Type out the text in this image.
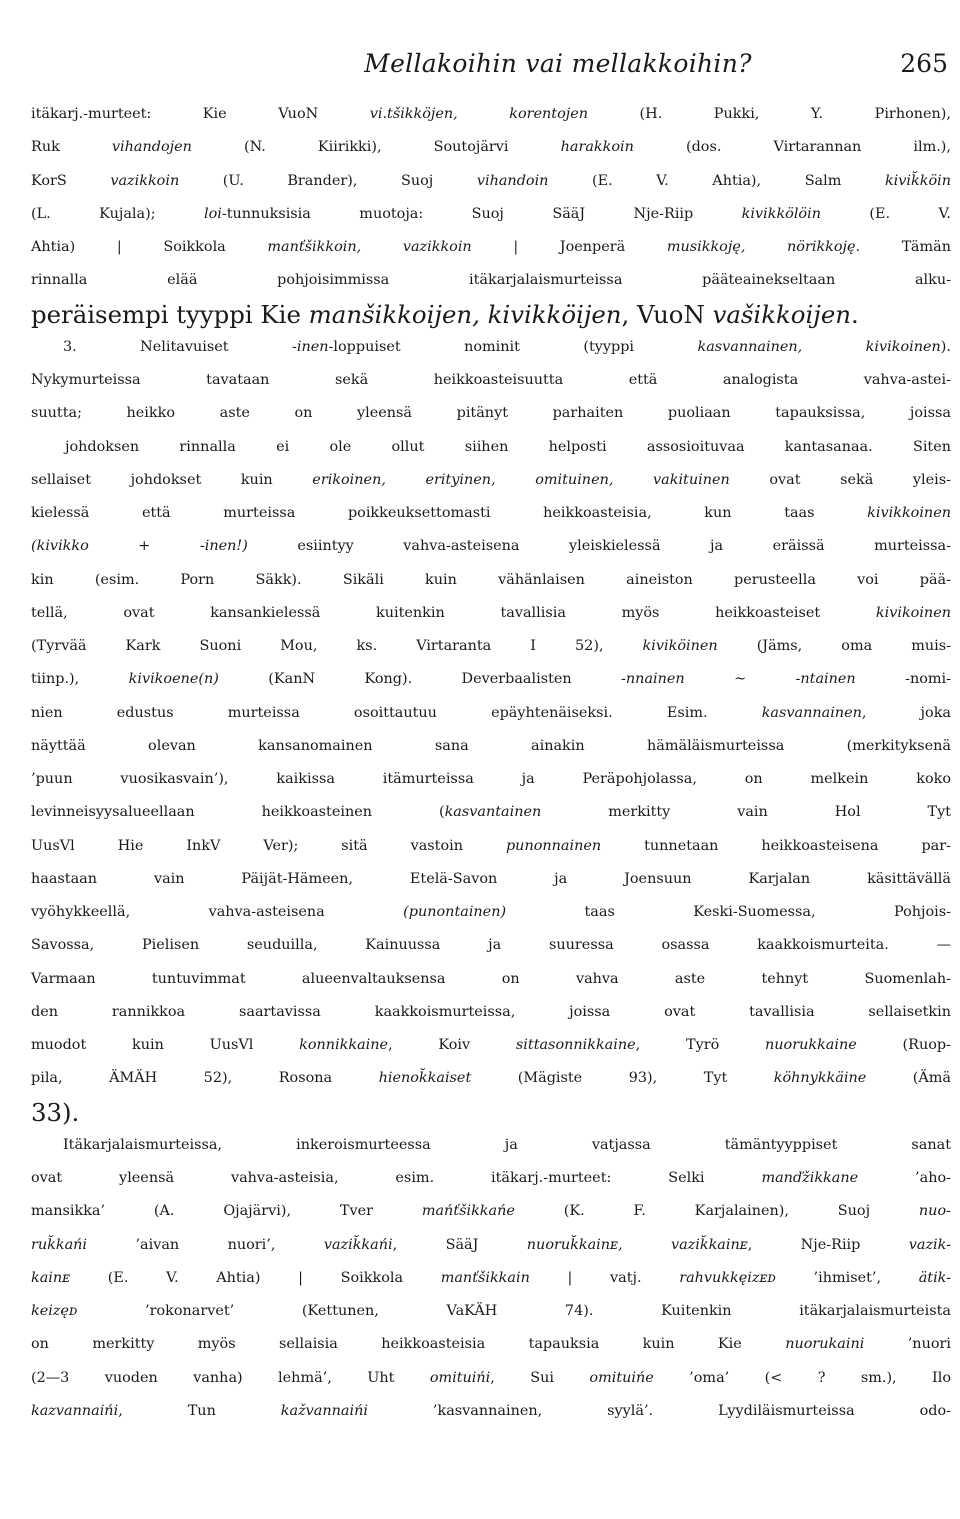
Mellakoihin vai mellakkoihin?	265
itäkarj.-murteet: Kie VuoN vi.tšikköjen, korentojen (H. Pukki, Y. Pirhonen),
Ruk vihandojen (N. Kiirikki), Soutojärvi harakkoin (dos. Virtarannan ilm.),
KorS vazikkoin (U. Brander), Suoj vihandoin (E. V. Ahtia), Salm kivik̆köin
(L. Kujala); loi-tunnuksisia muotoja: Suoj SääJ Nje-Riip kivikkölöin (E. V.
Ahtia) | Soikkola manťšikkoin, vazikkoin | Joenperä musikkoję, nörikkoję. Tämän
rinnalla elää pohjoisimmissa itäkarjalaismurteissa pääteainekseltaan alku-
peräisempi tyyppi Kie manšikkoijen, kivikköijen, VuoN vašikkoijen.
3. Nelitavuiset -inen-loppuiset nominit (tyyppi kasvannainen, kivikoinen).
Nykymurteissa tavataan sekä heikkoasteisuutta että analogista vahva-astei-
suutta; heikko aste on yleensä pitänyt parhaiten puoliaan tapauksissa, joissa
johdoksen rinnalla ei ole ollut siihen helposti assosioituvaa kantasanaa. Siten
sellaiset johdokset kuin erikoinen, erityinen, omituinen, vakituinen ovat sekä yleis-
kielessä että murteissa poikkeuksettomasti heikkoasteisia, kun taas kivikkoinen
(kivikko + -inen!) esiintyy vahva-asteisena yleiskielessä ja eräissä murteissa-
kin (esim. Porn Säkk). Sikäli kuin vähänlaisen aineiston perusteella voi pää-
tellä, ovat kansankielessä kuitenkin tavallisia myös heikkoasteiset kivikoinen
(Tyrvää Kark Suoni Mou, ks. Virtaranta I 52), kiviköinen (Jäms, oma muis-
tiinp.), kivikoene(n) (KanN Kong). Deverbaalisten -nnainen ~ -ntainen -nomi-
nien edustus murteissa osoittautuu epäyhtenäiseksi. Esim. kasvannainen, joka
näyttää olevan kansanomainen sana ainakin hämäläismurteissa (merkityksenä
’puun vuosikasvain’), kaikissa itämurteissa ja Peräpohjolassa, on melkein koko
levinneisyysalueellaan heikkoasteinen (kasvantainen merkitty vain Hol Tyt
UusVl Hie InkV Ver); sitä vastoin punonnainen tunnetaan heikkoasteisena par-
haastaan vain Päijät-Hämeen, Etelä-Savon ja Joensuun Karjalan käsittävällä
vyöhykkeellä, vahva-asteisena (punontainen) taas Keski-Suomessa, Pohjois-
Savossa, Pielisen seuduilla, Kainuussa ja suuressa osassa kaakkoismurteita. —
Varmaan tuntuvimmat alueenvaltauksensa on vahva aste tehnyt Suomenlah-
den rannikkoa saartavissa kaakkoismurteissa, joissa ovat tavallisia sellaisetkin
muodot kuin UusVl konnikkaine, Koiv sittasonnikkaine, Tyrö nuorukkaine (Ruop-
pila, ÄMÄH 52), Rosona hienok̆kaiset (Mägiste 93), Tyt köhnykkäine (Ämä
33).
Itäkarjalaismurteissa, inkeroismurteessa ja vatjassa tämäntyyppiset sanat
ovat yleensä vahva-asteisia, esim. itäkarj.-murteet: Selki manďžikkane ’aho-
mansikka’ (A. Ojajärvi), Tver mańťšikkańe (K. F. Karjalainen), Suoj nuo-
ruk̆kańi ’aivan nuori’, vazik̆kańi, SääJ nuoruk̆kainᴇ, vazik̆kainᴇ, Nje-Riip vazik-
kainᴇ (E. V. Ahtia) | Soikkola manťšikkain | vatj. rahvukkęizᴇᴅ ’ihmiset’, ätik-
keizęᴅ ’rokonarvet’ (Kettunen, VaKÄH 74). Kuitenkin itäkarjalaismurteista
on merkitty myös sellaisia heikkoasteisia tapauksia kuin Kie nuorukaini ’nuori
(2—3 vuoden vanha) lehmä’, Uht omituińi, Sui omituińe ’oma’ (< ? sm.), Ilo
kazvannaińi, Tun kažvannaińi ’kasvannainen, syylä’. Lyydiläismurteissa odo-
